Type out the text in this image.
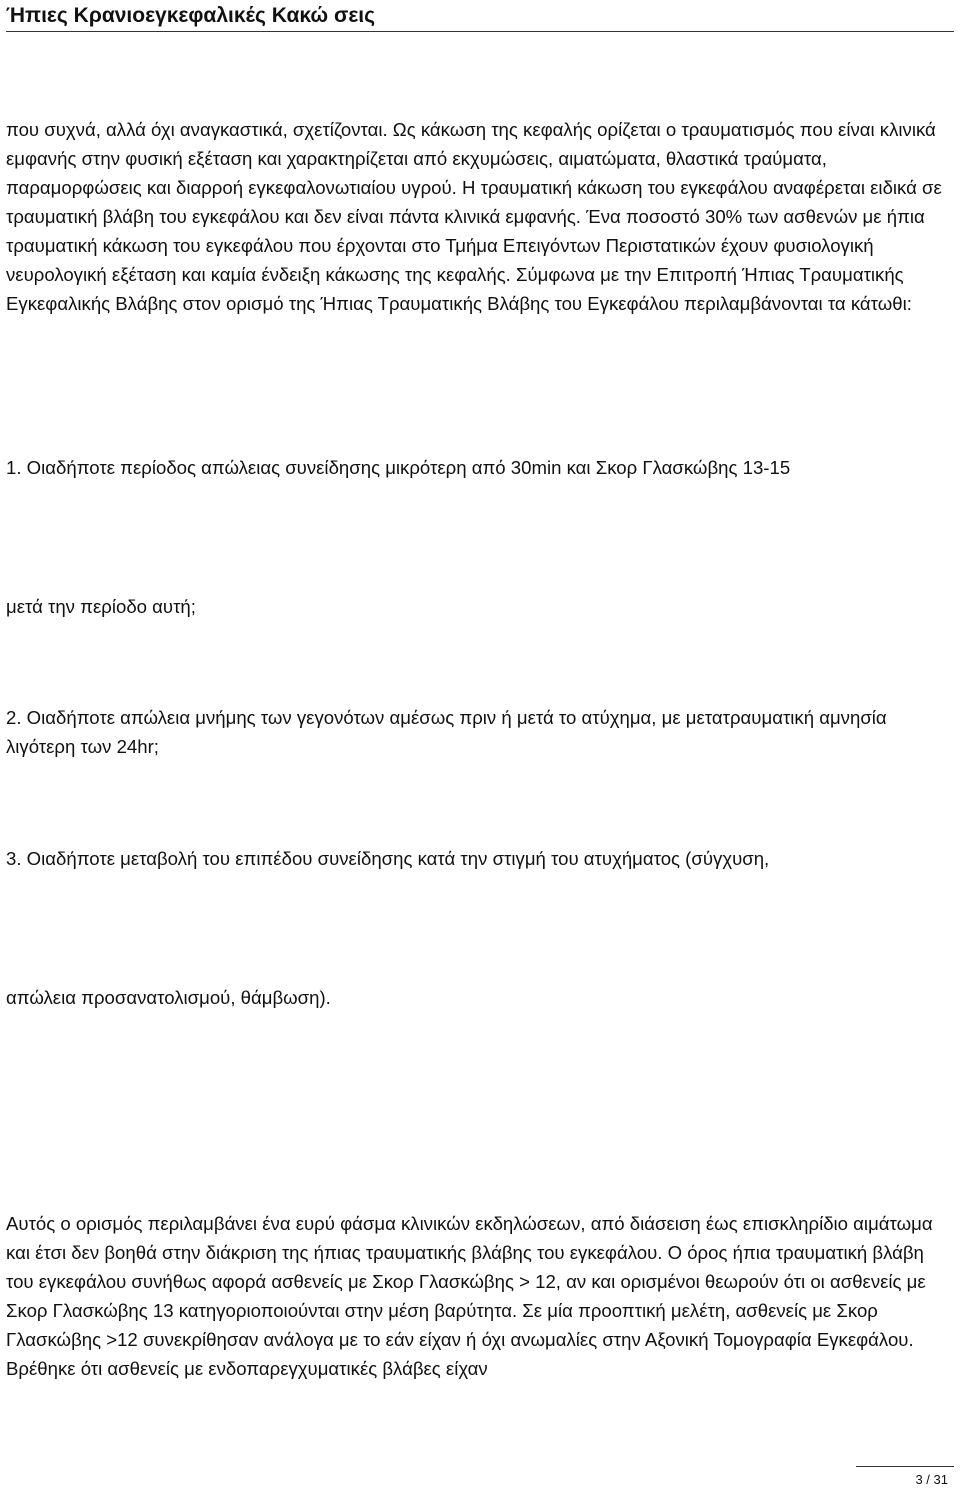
Ήπιες Κρανιοεγκεφαλικές Κακώ σεις

που συχνά, αλλά όχι αναγκαστικά, σχετίζονται. Ως κάκωση της κεφαλής ορίζεται ο τραυματισμός που είναι κλινικά εμφανής στην φυσική εξέταση και χαρακτηρίζεται από εκχυμώσεις, αιματώματα, θλαστικά τραύματα, παραμορφώσεις και διαρροή εγκεφαλονωτιαίου υγρού. Η τραυματική κάκωση του εγκεφάλου αναφέρεται ειδικά σε τραυματική βλάβη του εγκεφάλου και δεν είναι πάντα κλινικά εμφανής. Ένα ποσοστό 30% των ασθενών με ήπια τραυματική κάκωση του εγκεφάλου που έρχονται στο Τμήμα Επειγόντων Περιστατικών έχουν φυσιολογική νευρολογική εξέταση και καμία ένδειξη κάκωσης της κεφαλής. Σύμφωνα με την Επιτροπή Ήπιας Τραυματικής Εγκεφαλικής Βλάβης στον ορισμό της Ήπιας Τραυματικής Βλάβης του Εγκεφάλου περιλαμβάνονται τα κάτωθι:

1. Οιαδήποτε περίοδος απώλειας συνείδησης μικρότερη από 30min και Σκορ Γλασκώβης 13-15

μετά την περίοδο αυτή;

2. Οιαδήποτε απώλεια μνήμης των γεγονότων αμέσως πριν ή μετά το ατύχημα, με μετατραυματική αμνησία λιγότερη των 24hr;

3. Οιαδήποτε μεταβολή του επιπέδου συνείδησης κατά την στιγμή του ατυχήματος (σύγχυση,

απώλεια προσανατολισμού, θάμβωση).

Αυτός ο ορισμός περιλαμβάνει ένα ευρύ φάσμα κλινικών εκδηλώσεων, από διάσειση έως επισκληρίδιο αιμάτωμα και έτσι δεν βοηθά στην διάκριση της ήπιας τραυματικής βλάβης του εγκεφάλου. Ο όρος ήπια τραυματική βλάβη του εγκεφάλου συνήθως αφορά ασθενείς με Σκορ Γλασκώβης > 12, αν και ορισμένοι θεωρούν ότι οι ασθενείς με Σκορ Γλασκώβης 13 κατηγοριοποιούνται στην μέση βαρύτητα. Σε μία προοπτική μελέτη, ασθενείς με Σκορ Γλασκώβης >12 συνεκρίθησαν ανάλογα με το εάν είχαν ή όχι ανωμαλίες στην Αξονική Τομογραφία Εγκεφάλου. Βρέθηκε ότι ασθενείς με ενδοπαρεγχυματικές βλάβες είχαν

3 / 31
